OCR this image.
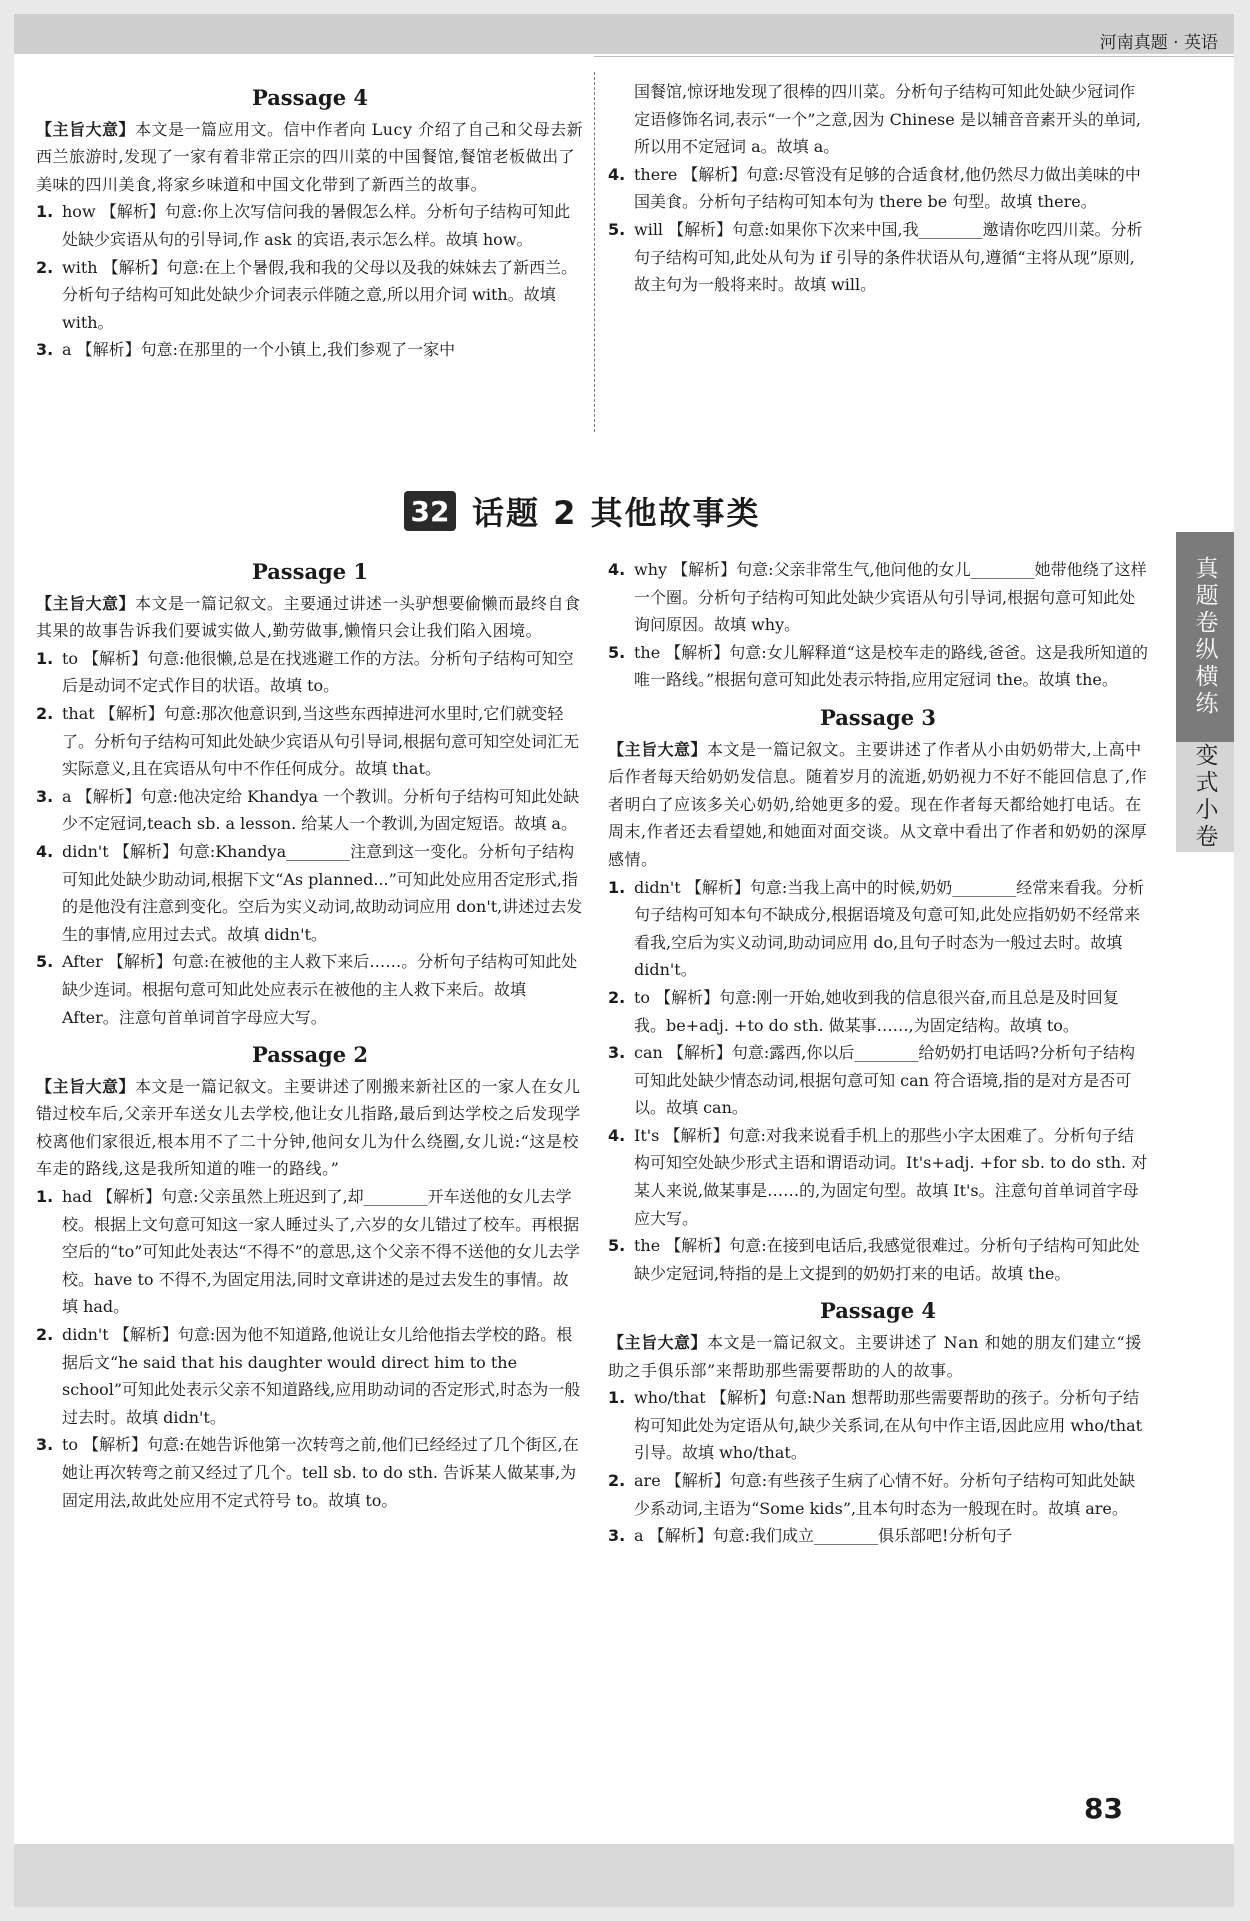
河南真题 · 英语
Passage 4
【主旨大意】本文是一篇应用文。信中作者向 Lucy 介绍了自己和父母去新西兰旅游时,发现了一家有着非常正宗的四川菜的中国餐馆,餐馆老板做出了美味的四川美食,将家乡味道和中国文化带到了新西兰的故事。
1. how 【解析】句意:你上次写信问我的暑假怎么样。分析句子结构可知此处缺少宾语从句的引导词,作 ask 的宾语,表示怎么样。故填 how。
2. with 【解析】句意:在上个暑假,我和我的父母以及我的妹妹去了新西兰。分析句子结构可知此处缺少介词表示伴随之意,所以用介词 with。故填 with。
3. a 【解析】句意:在那里的一个小镇上,我们参观了一家中
国餐馆,惊讶地发现了很棒的四川菜。分析句子结构可知此处缺少冠词作定语修饰名词,表示“一个”之意,因为 Chinese 是以辅音音素开头的单词,所以用不定冠词 a。故填 a。
4. there 【解析】句意:尽管没有足够的合适食材,他仍然尽力做出美味的中国美食。分析句子结构可知本句为 there be 句型。故填 there。
5. will 【解析】句意:如果你下次来中国,我________邀请你吃四川菜。分析句子结构可知,此处从句为 if 引导的条件状语从句,遵循“主将从现”原则,故主句为一般将来时。故填 will。
32 话题 2 其他故事类
真题卷纵横练
变式小卷
Passage 1
【主旨大意】本文是一篇记叙文。主要通过讲述一头驴想要偷懒而最终自食其果的故事告诉我们要诚实做人,勤劳做事,懒惰只会让我们陷入困境。
1. to 【解析】句意:他很懒,总是在找逃避工作的方法。分析句子结构可知空后是动词不定式作目的状语。故填 to。
2. that 【解析】句意:那次他意识到,当这些东西掉进河水里时,它们就变轻了。分析句子结构可知此处缺少宾语从句引导词,根据句意可知空处词汇无实际意义,且在宾语从句中不作任何成分。故填 that。
3. a 【解析】句意:他决定给 Khandya 一个教训。分析句子结构可知此处缺少不定冠词,teach sb. a lesson. 给某人一个教训,为固定短语。故填 a。
4. didn't 【解析】句意:Khandya________注意到这一变化。分析句子结构可知此处缺少助动词,根据下文“As planned...”可知此处应用否定形式,指的是他没有注意到变化。空后为实义动词,故助动词应用 don't,讲述过去发生的事情,应用过去式。故填 didn't。
5. After 【解析】句意:在被他的主人救下来后……。分析句子结构可知此处缺少连词。根据句意可知此处应表示在被他的主人救下来后。故填 After。注意句首单词首字母应大写。
Passage 2
【主旨大意】本文是一篇记叙文。主要讲述了刚搬来新社区的一家人在女儿错过校车后,父亲开车送女儿去学校,他让女儿指路,最后到达学校之后发现学校离他们家很近,根本用不了二十分钟,他问女儿为什么绕圈,女儿说:“这是校车走的路线,这是我所知道的唯一的路线。”
1. had 【解析】句意:父亲虽然上班迟到了,却________开车送他的女儿去学校。根据上文句意可知这一家人睡过头了,六岁的女儿错过了校车。再根据空后的“to”可知此处表达“不得不”的意思,这个父亲不得不送他的女儿去学校。have to 不得不,为固定用法,同时文章讲述的是过去发生的事情。故填 had。
2. didn't 【解析】句意:因为他不知道路,他说让女儿给他指去学校的路。根据后文“he said that his daughter would direct him to the school”可知此处表示父亲不知道路线,应用助动词的否定形式,时态为一般过去时。故填 didn't。
3. to 【解析】句意:在她告诉他第一次转弯之前,他们已经经过了几个街区,在她让再次转弯之前又经过了几个。tell sb. to do sth. 告诉某人做某事,为固定用法,故此处应用不定式符号 to。故填 to。
4. why 【解析】句意:父亲非常生气,他问他的女儿________她带他绕了这样一个圈。分析句子结构可知此处缺少宾语从句引导词,根据句意可知此处询问原因。故填 why。
5. the 【解析】句意:女儿解释道“这是校车走的路线,爸爸。这是我所知道的唯一路线。”根据句意可知此处表示特指,应用定冠词 the。故填 the。
Passage 3
【主旨大意】本文是一篇记叙文。主要讲述了作者从小由奶奶带大,上高中后作者每天给奶奶发信息。随着岁月的流逝,奶奶视力不好不能回信息了,作者明白了应该多关心奶奶,给她更多的爱。现在作者每天都给她打电话。在周末,作者还去看望她,和她面对面交谈。从文章中看出了作者和奶奶的深厚感情。
1. didn't 【解析】句意:当我上高中的时候,奶奶________经常来看我。分析句子结构可知本句不缺成分,根据语境及句意可知,此处应指奶奶不经常来看我,空后为实义动词,助动词应用 do,且句子时态为一般过去时。故填 didn't。
2. to 【解析】句意:刚一开始,她收到我的信息很兴奋,而且总是及时回复我。be+adj. +to do sth. 做某事……,为固定结构。故填 to。
3. can 【解析】句意:露西,你以后________给奶奶打电话吗?分析句子结构可知此处缺少情态动词,根据句意可知 can 符合语境,指的是对方是否可以。故填 can。
4. It's 【解析】句意:对我来说看手机上的那些小字太困难了。分析句子结构可知空处缺少形式主语和谓语动词。It's+adj. +for sb. to do sth. 对某人来说,做某事是……的,为固定句型。故填 It's。注意句首单词首字母应大写。
5. the 【解析】句意:在接到电话后,我感觉很难过。分析句子结构可知此处缺少定冠词,特指的是上文提到的奶奶打来的电话。故填 the。
Passage 4
【主旨大意】本文是一篇记叙文。主要讲述了 Nan 和她的朋友们建立“援助之手俱乐部”来帮助那些需要帮助的人的故事。
1. who/that 【解析】句意:Nan 想帮助那些需要帮助的孩子。分析句子结构可知此处为定语从句,缺少关系词,在从句中作主语,因此应用 who/that 引导。故填 who/that。
2. are 【解析】句意:有些孩子生病了心情不好。分析句子结构可知此处缺少系动词,主语为“Some kids”,且本句时态为一般现在时。故填 are。
3. a 【解析】句意:我们成立________俱乐部吧!分析句子
83
